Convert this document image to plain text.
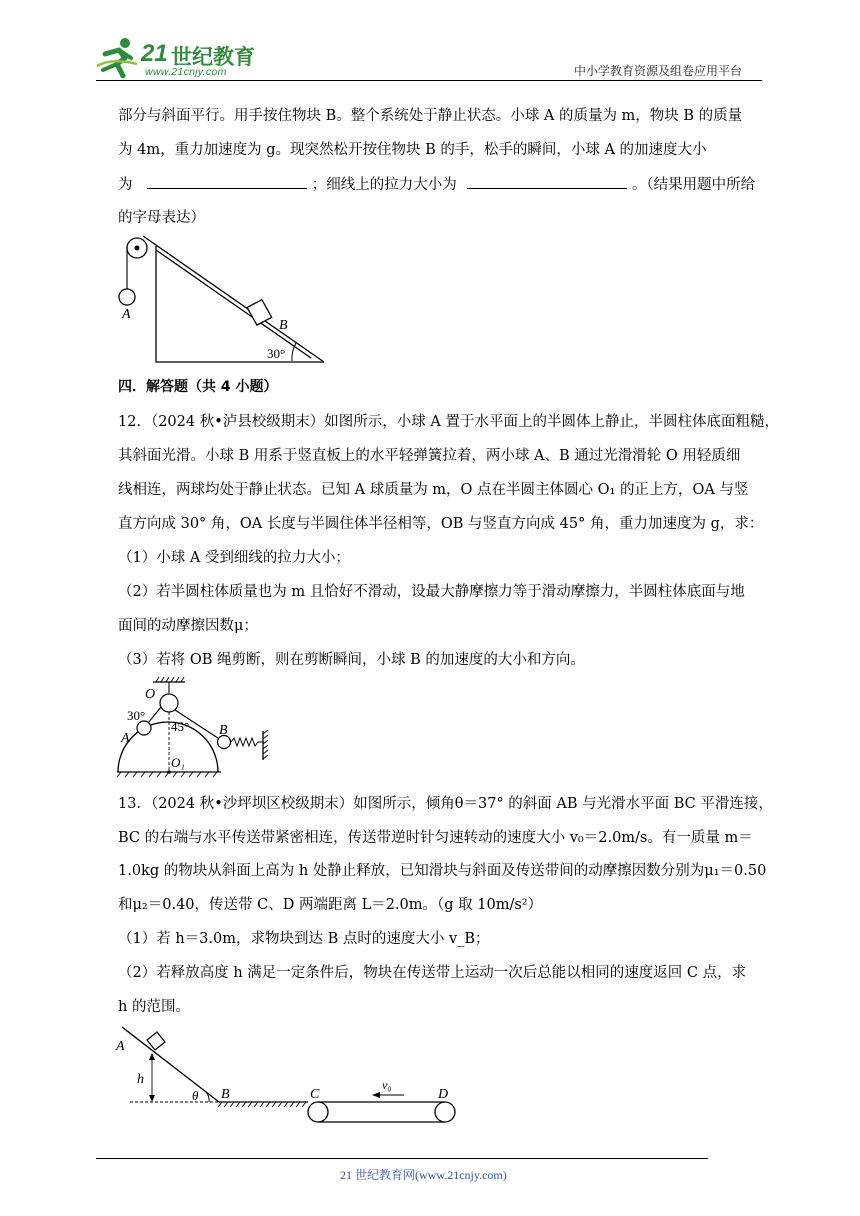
21 世纪教育
www.21cnjy.com	中小学教育资源及组卷应用平台
部分与斜面平行。用手按住物块 B。整个系统处于静止状态。小球 A 的质量为 m，物块 B 的质量
为 4m，重力加速度为 g。现突然松开按住物块 B 的手，松手的瞬间，小球 A 的加速度大小
为	；细线上的拉力大小为	。（结果用题中所给
的字母表达）
A
B
30°
四．解答题（共 4 小题）
12．（2024 秋•泸县校级期末）如图所示，小球 A 置于水平面上的半圆体上静止，半圆柱体底面粗糙，
其斜面光滑。小球 B 用系于竖直板上的水平轻弹簧拉着，两小球 A、B 通过光滑滑轮 O 用轻质细
线相连，两球均处于静止状态。已知 A 球质量为 m，O 点在半圆主体圆心 O₁ 的正上方，OA 与竖
直方向成 30° 角，OA 长度与半圆住体半径相等，OB 与竖直方向成 45° 角，重力加速度为 g，求：
（1）小球 A 受到细线的拉力大小；
（2）若半圆柱体质量也为 m 且恰好不滑动，设最大静摩擦力等于滑动摩擦力，半圆柱体底面与地
面间的动摩擦因数μ；
（3）若将 OB 绳剪断，则在剪断瞬间，小球 B 的加速度的大小和方向。
O
30°
45°
A
B
O₁
13．（2024 秋•沙坪坝区校级期末）如图所示，倾角θ＝37° 的斜面 AB 与光滑水平面 BC 平滑连接，
BC 的右端与水平传送带紧密相连，传送带逆时针匀速转动的速度大小 v₀＝2.0m/s。有一质量 m＝
1.0kg 的物块从斜面上高为 h 处静止释放，已知滑块与斜面及传送带间的动摩擦因数分别为μ₁＝0.50
和μ₂＝0.40，传送带 C、D 两端距离 L＝2.0m。（g 取 10m/s²）
（1）若 h＝3.0m，求物块到达 B 点时的速度大小 v_B；
（2）若释放高度 h 满足一定条件后，物块在传送带上运动一次后总能以相同的速度返回 C 点，求
h 的范围。
A
h
θ B	C
v₀
D
21 世纪教育网(www.21cnjy.com)
